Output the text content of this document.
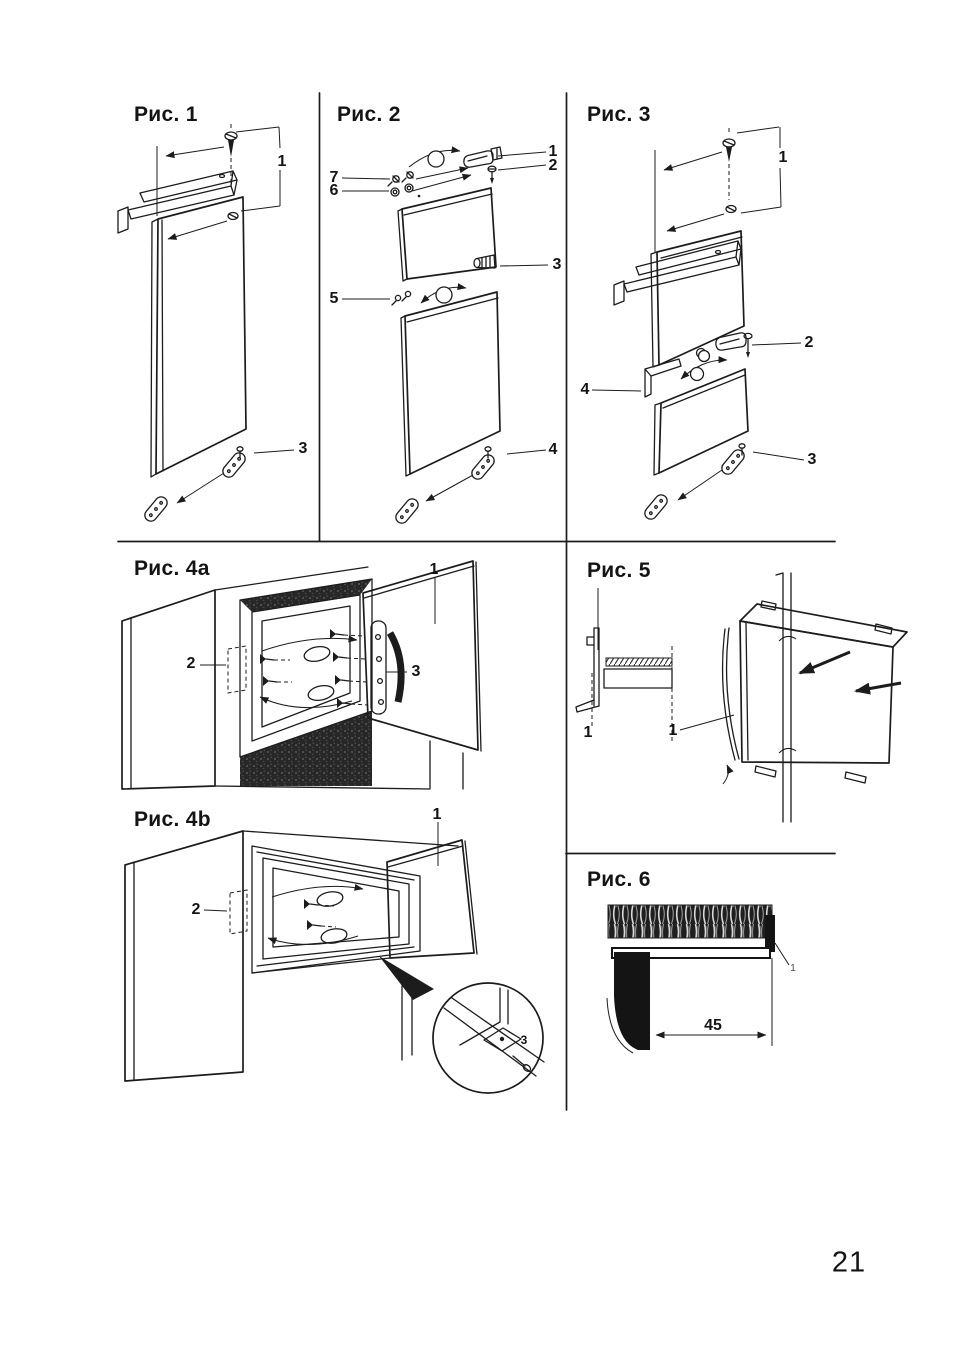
Рис. 1	Рис. 2	Рис. 3
Рис. 4a
Рис. 4b
Рис. 5
Рис. 6
1
3
1
2
7
6
3
5
4
1
2
4
3
1
2	3
1
2
3
1	1
45
1
21
